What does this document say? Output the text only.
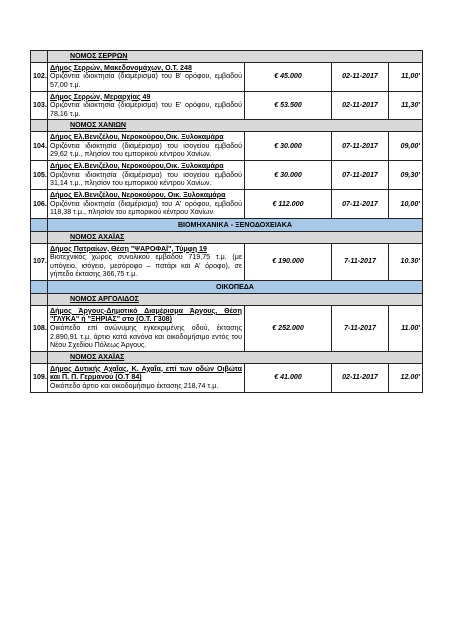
	ΝΟΜΟΣ ΣΕΡΡΩΝ			
102.	Δήμος Σερρών, Μακεδονομάχων, Ο.Τ. 248
Οριζόντια ιδιοκτησία (διαμέρισμα) του Β' ορόφου, εμβαδού 57,00 τ.μ.	€ 45.000	02-11-2017	11,00'
103.	Δήμος Σερρών, Μεραρχίας 49
Οριζόντια ιδιοκτησία (διαμέρισμα) του Ε' ορόφου, εμβαδού 78,16 τ.μ.	€ 53.500	02-11-2017	11,30'
	ΝΟΜΟΣ ΧΑΝΙΩΝ			
104.	Δήμος Ελ.Βενιζέλου, Νεροκούρου,Οικ. Ξυλοκαμάρα
Οριζόντια ιδιοκτησία (διαμέρισμα) του ισογείου εμβαδού 29,62 τ.μ., πλησίον του εμπορικού κέντρου Χανίων.	€ 30.000	07-11-2017	09,00'
105.	Δήμος Ελ.Βενιζέλου, Νεροκούρου,Οικ. Ξυλοκαμάρα
Οριζόντια ιδιοκτησία (διαμέρισμα) του ισογείου εμβαδού 31,14 τ.μ., πλησίον του εμπορικού κέντρου Χανίων.	€ 30.000	07-11-2017	09,30'
106.	Δήμος Ελ.Βενιζέλου, Νεροκούρου, Οικ. Ξυλοκαμάρα
Οριζόντια ιδιοκτησία (διαμέρισμα) του Α' ορόφου, εμβαδού 118,38 τ.μ., πλησίον του εμπορικού κέντρου Χανίων.	€ 112.000	07-11-2017	10,00'
	ΒΙΟΜΗΧΑΝΙΚΑ - ΞΕΝΟΔΟΧΕΙΑΚΑ			
	ΝΟΜΟΣ ΑΧΑΪΑΣ			
107.	Δήμος Πατραίων, Θέση "ΨΑΡΟΦΑΪ", Τύμφη 19
Βιοτεχνικός χώρος συνολικού εμβαδού 719,75 τ.μ. (με υπόγειο, ισόγειο, μεσόροφο – πατάρι και Α' όροφο), σε γήπεδο έκτασης 366,75 τ.μ.	€ 190.000	7-11-2017	10.30'
	ΟΙΚΟΠΕΔΑ			
	ΝΟΜΟΣ ΑΡΓΟΛΙΔΟΣ			
108.	Δήμος Άργους-Δημοτικό Διαμέρισμα Άργους, Θέση "ΓΛΥΚΑ" ή "ΞΗΡΙΑΣ" στο (Ο.Τ. Γ308)
Οικόπεδο επί ανώνυμης εγκεκριμένης οδού, έκτασης 2.890,91 τ.μ. άρτιο κατά κανόνα και οικοδομήσιμο εντός του Νέου Σχεδίου Πόλεως Άργους.	€ 252.000	7-11-2017	11.00'
	ΝΟΜΟΣ ΑΧΑΪΑΣ			
109.	Δήμος Δυτικής Αχαΐας, Κ. Αχαΐα, επί των οδών Οιβώτα και Π. Π. Γερμανού (Ο.Τ 84)
Οικόπεδο άρτιο και οικοδομήσιμο έκτασης 218,74 τ.μ.	€ 41.000	02-11-2017	12.00'
